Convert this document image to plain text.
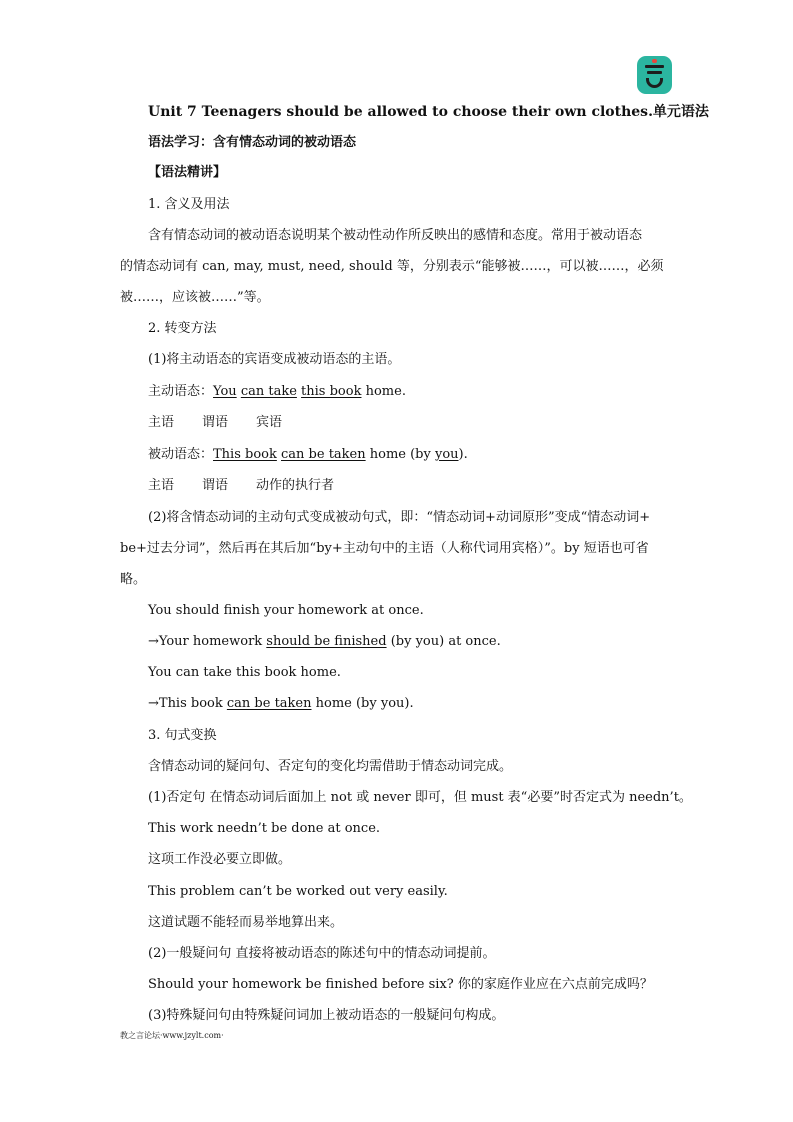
Unit 7 Teenagers should be allowed to choose their own clothes.单元语法
语法学习：含有情态动词的被动语态
【语法精讲】
1. 含义及用法
含有情态动词的被动语态说明某个被动性动作所反映出的感情和态度。常用于被动语态
的情态动词有 can, may, must, need, should 等，分别表示“能够被……，可以被……，必须
被……，应该被……”等。
2. 转变方法
(1)将主动语态的宾语变成被动语态的主语。
主动语态：You can take this book home.
主语 谓语 宾语
被动语态：This book can be taken home (by you).
主语 谓语 动作的执行者
(2)将含情态动词的主动句式变成被动句式，即：“情态动词+动词原形”变成“情态动词+
be+过去分词”，然后再在其后加“by+主动句中的主语（人称代词用宾格）”。by 短语也可省
略。
You should finish your homework at once.
→Your homework should be finished (by you) at once.
You can take this book home.
→This book can be taken home (by you).
3. 句式变换
含情态动词的疑问句、否定句的变化均需借助于情态动词完成。
(1)否定句 在情态动词后面加上 not 或 never 即可，但 must 表“必要”时否定式为 needn’t。
This work needn’t be done at once.
这项工作没必要立即做。
This problem can’t be worked out very easily.
这道试题不能轻而易举地算出来。
(2)一般疑问句 直接将被动语态的陈述句中的情态动词提前。
Should your homework be finished before six? 你的家庭作业应在六点前完成吗？
(3)特殊疑问句由特殊疑问词加上被动语态的一般疑问句构成。
教之言论坛·www.jzylt.com·
